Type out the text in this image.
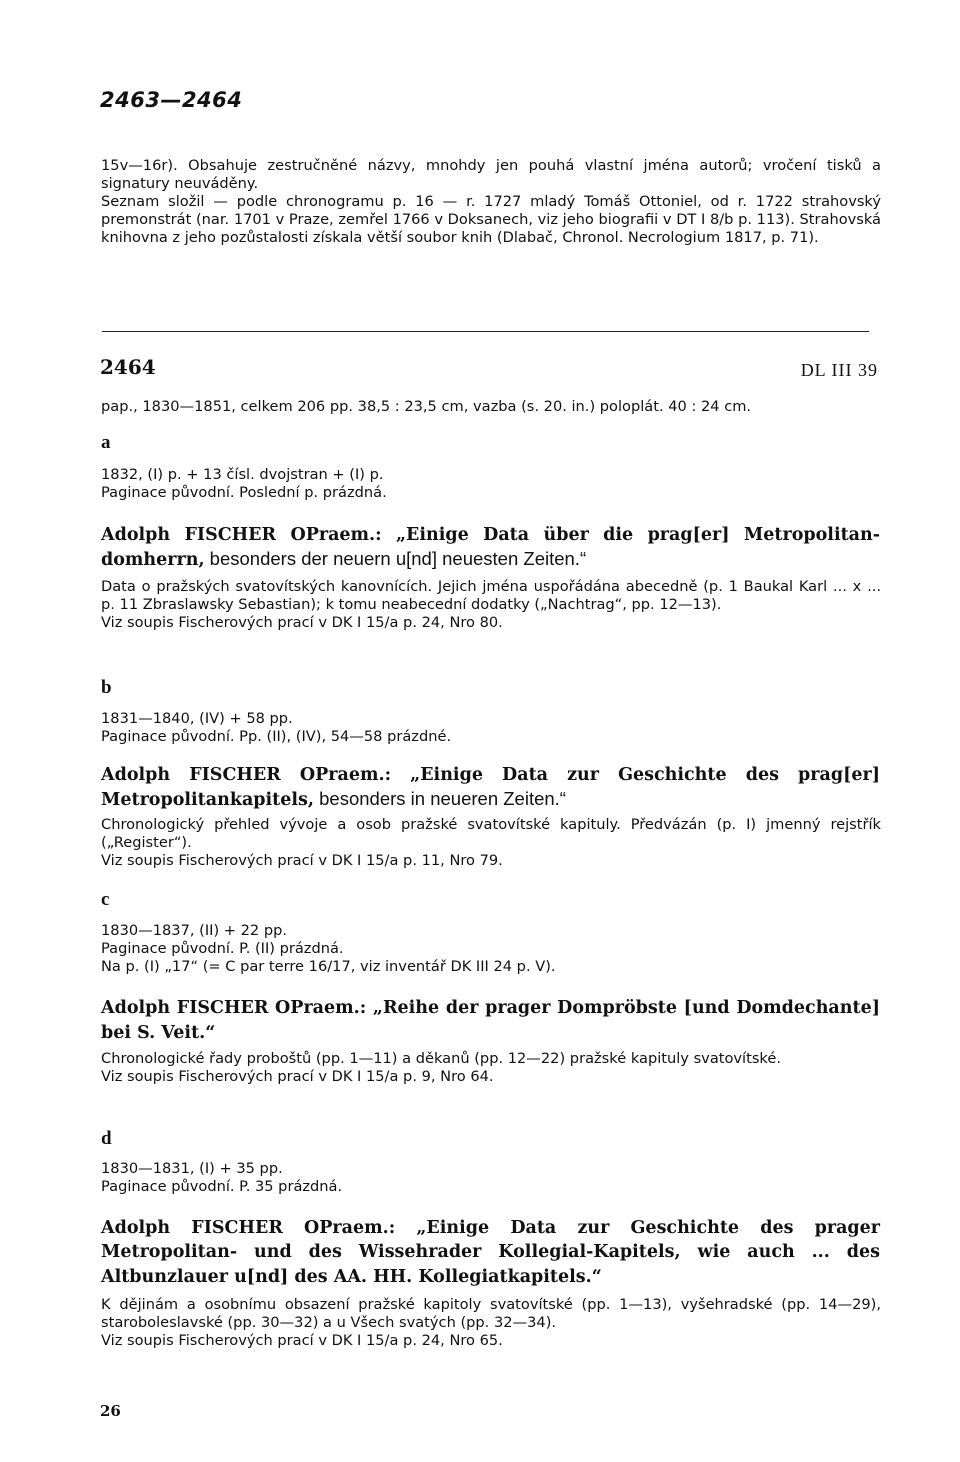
2463—2464

15v—16r). Obsahuje zestručněné názvy, mnohdy jen pouhá vlastní jména autorů; vročení tisků a signatury neuváděny.

Seznam složil — podle chronogramu p. 16 — r. 1727 mladý Tomáš Ottoniel, od r. 1722 strahovský premonstrát (nar. 1701 v Praze, zemřel 1766 v Doksanech, viz jeho biografii v DT I 8/b p. 113). Strahovská knihovna z jeho pozůstalosti získala větší soubor knih (Dlabač, Chronol. Necrologium 1817, p. 71).

2464	DL III 39

pap., 1830—1851, celkem 206 pp. 38,5 : 23,5 cm, vazba (s. 20. in.) poloplát. 40 : 24 cm.

a
1832, (I) p. + 13 čísl. dvojstran + (I) p.
Paginace původní. Poslední p. prázdná.
Adolph FISCHER OPraem.: „Einige Data über die prag[er] Metropolitan-domherrn, besonders der neuern u[nd] neuesten Zeiten.“

Data o pražských svatovítských kanovnících. Jejich jména uspořádána abecedně (p. 1 Baukal Karl ... x ... p. 11 Zbraslawsky Sebastian); k tomu neabecední dodatky („Nachtrag“, pp. 12—13).

Viz soupis Fischerových prací v DK I 15/a p. 24, Nro 80.

b
1831—1840, (IV) + 58 pp.
Paginace původní. Pp. (II), (IV), 54—58 prázdné.
Adolph FISCHER OPraem.: „Einige Data zur Geschichte des prag[er] Metropolitankapitels, besonders in neueren Zeiten.“

Chronologický přehled vývoje a osob pražské svatovítské kapituly. Předvázán (p. I) jmenný rejstřík („Register“).

Viz soupis Fischerových prací v DK I 15/a p. 11, Nro 79.

c
1830—1837, (II) + 22 pp.
Paginace původní. P. (II) prázdná.
Na p. (I) „17“ (= C par terre 16/17, viz inventář DK III 24 p. V).
Adolph FISCHER OPraem.: „Reihe der prager Dompröbste [und Domdechante] bei S. Veit.“

Chronologické řady proboštů (pp. 1—11) a děkanů (pp. 12—22) pražské kapituly svatovítské.

Viz soupis Fischerových prací v DK I 15/a p. 9, Nro 64.

d
1830—1831, (I) + 35 pp.
Paginace původní. P. 35 prázdná.
Adolph FISCHER OPraem.: „Einige Data zur Geschichte des prager Metropolitan- und des Wissehrader Kollegial-Kapitels, wie auch ... des Altbunzlauer u[nd] des AA. HH. Kollegiatkapitels.“

K dějinám a osobnímu obsazení pražské kapitoly svatovítské (pp. 1—13), vyšehradské (pp. 14—29), staroboleslavské (pp. 30—32) a u Všech svatých (pp. 32—34).

Viz soupis Fischerových prací v DK I 15/a p. 24, Nro 65.

26
